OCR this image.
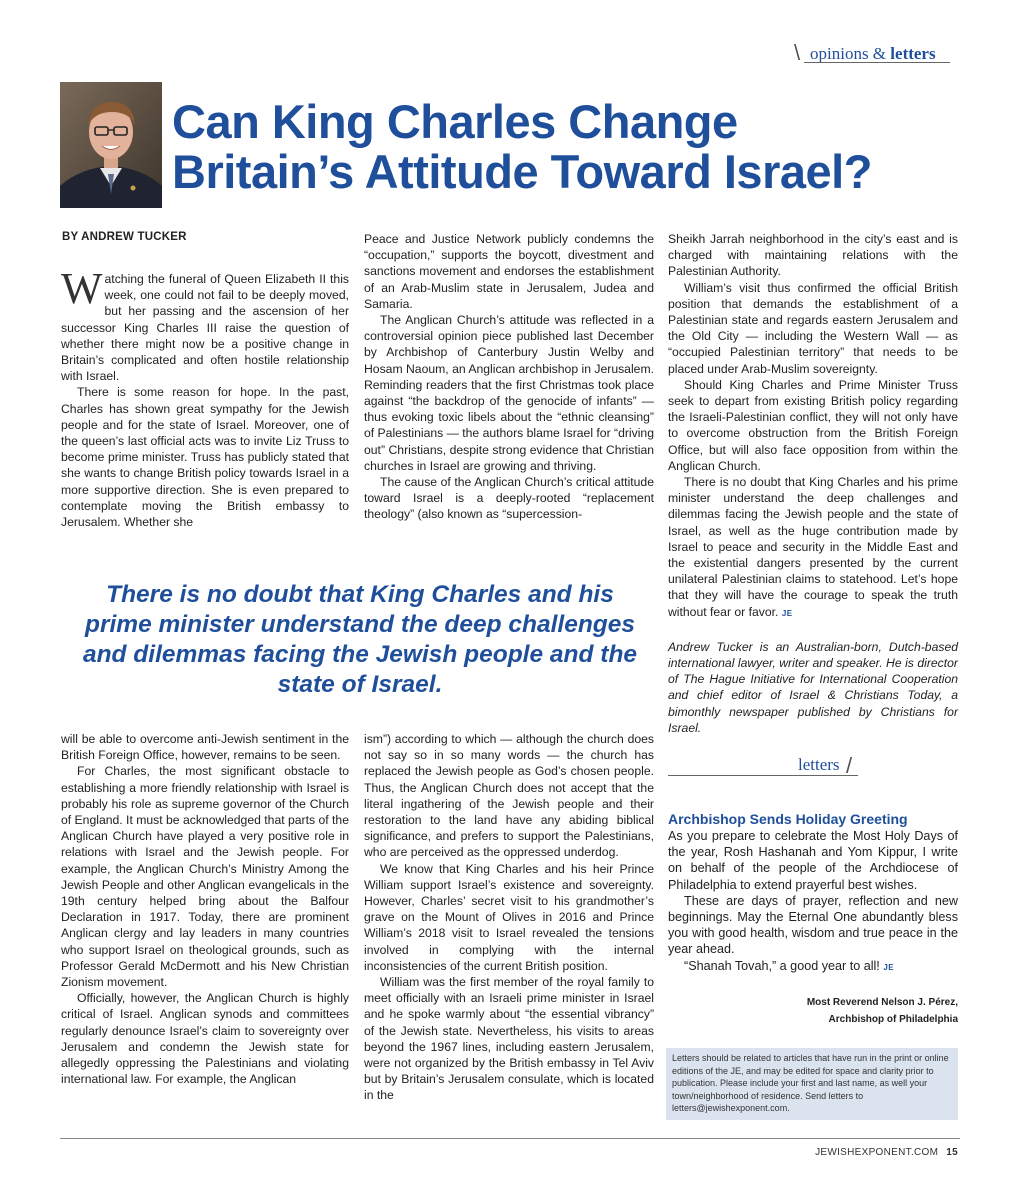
\ opinions & letters
Can King Charles Change
Britain’s Attitude Toward Israel?
BY ANDREW TUCKER

Watching the funeral of Queen Elizabeth II this week, one could not fail to be deeply moved, but her passing and the ascension of her successor King Charles III raise the question of whether there might now be a positive change in Britain’s complicated and often hostile relationship with Israel.

There is some reason for hope. In the past, Charles has shown great sympathy for the Jewish people and for the state of Israel. Moreover, one of the queen’s last official acts was to invite Liz Truss to become prime minister. Truss has publicly stated that she wants to change British policy towards Israel in a more supportive direction. She is even prepared to contemplate moving the British embassy to Jerusalem. Whether she

Peace and Justice Network publicly condemns the “occupation,” supports the boycott, divestment and sanctions movement and endorses the establishment of an Arab-Muslim state in Jerusalem, Judea and Samaria.

The Anglican Church’s attitude was reflected in a controversial opinion piece published last December by Archbishop of Canterbury Justin Welby and Hosam Naoum, an Anglican archbishop in Jerusalem. Reminding readers that the first Christmas took place against “the backdrop of the genocide of infants” — thus evoking toxic libels about the “ethnic cleansing” of Palestinians — the authors blame Israel for “driving out” Christians, despite strong evidence that Christian churches in Israel are growing and thriving.

The cause of the Anglican Church’s critical attitude toward Israel is a deeply-rooted “replacement theology” (also known as “supercession-

Sheikh Jarrah neighborhood in the city’s east and is charged with maintaining relations with the Palestinian Authority.

William’s visit thus confirmed the official British position that demands the establishment of a Palestinian state and regards eastern Jerusalem and the Old City — including the Western Wall — as “occupied Palestinian territory” that needs to be placed under Arab-Muslim sovereignty.

Should King Charles and Prime Minister Truss seek to depart from existing British policy regarding the Israeli-Palestinian conflict, they will not only have to overcome obstruction from the British Foreign Office, but will also face opposition from within the Anglican Church.

There is no doubt that King Charles and his prime minister understand the deep challenges and dilemmas facing the Jewish people and the state of Israel, as well as the huge contribution made by Israel to peace and security in the Middle East and the existential dangers presented by the current unilateral Palestinian claims to statehood. Let’s hope that they will have the courage to speak the truth without fear or favor. JE

Andrew Tucker is an Australian-born, Dutch-based international lawyer, writer and speaker. He is director of The Hague Initiative for International Cooperation and chief editor of Israel & Christians Today, a bimonthly newspaper published by Christians for Israel.

There is no doubt that King Charles and his prime minister understand the deep challenges and dilemmas facing the Jewish people and the state of Israel.

will be able to overcome anti-Jewish sentiment in the British Foreign Office, however, remains to be seen.

For Charles, the most significant obstacle to establishing a more friendly relationship with Israel is probably his role as supreme governor of the Church of England. It must be acknowledged that parts of the Anglican Church have played a very positive role in relations with Israel and the Jewish people. For example, the Anglican Church’s Ministry Among the Jewish People and other Anglican evangelicals in the 19th century helped bring about the Balfour Declaration in 1917. Today, there are prominent Anglican clergy and lay leaders in many countries who support Israel on theological grounds, such as Professor Gerald McDermott and his New Christian Zionism movement.

Officially, however, the Anglican Church is highly critical of Israel. Anglican synods and committees regularly denounce Israel’s claim to sovereignty over Jerusalem and condemn the Jewish state for allegedly oppressing the Palestinians and violating international law. For example, the Anglican

ism”) according to which — although the church does not say so in so many words — the church has replaced the Jewish people as God’s chosen people. Thus, the Anglican Church does not accept that the literal ingathering of the Jewish people and their restoration to the land have any abiding biblical significance, and prefers to support the Palestinians, who are perceived as the oppressed underdog.

We know that King Charles and his heir Prince William support Israel’s existence and sovereignty. However, Charles’ secret visit to his grandmother’s grave on the Mount of Olives in 2016 and Prince William’s 2018 visit to Israel revealed the tensions involved in complying with the internal inconsistencies of the current British position.

William was the first member of the royal family to meet officially with an Israeli prime minister in Israel and he spoke warmly about “the essential vibrancy” of the Jewish state. Nevertheless, his visits to areas beyond the 1967 lines, including eastern Jerusalem, were not organized by the British embassy in Tel Aviv but by Britain’s Jerusalem consulate, which is located in the

letters /
Archbishop Sends Holiday Greeting

As you prepare to celebrate the Most Holy Days of the year, Rosh Hashanah and Yom Kippur, I write on behalf of the people of the Archdiocese of Philadelphia to extend prayerful best wishes.

These are days of prayer, reflection and new beginnings. May the Eternal One abundantly bless you with good health, wisdom and true peace in the year ahead.

“Shanah Tovah,” a good year to all! JE

Most Reverend Nelson J. Pérez,
Archbishop of Philadelphia
Letters should be related to articles that have run in the print or online editions of the JE, and may be edited for space and clarity prior to publication. Please include your first and last name, as well your town/neighborhood of residence. Send letters to letters@jewishexponent.com.
JEWISHEXPONENT.COM 15
